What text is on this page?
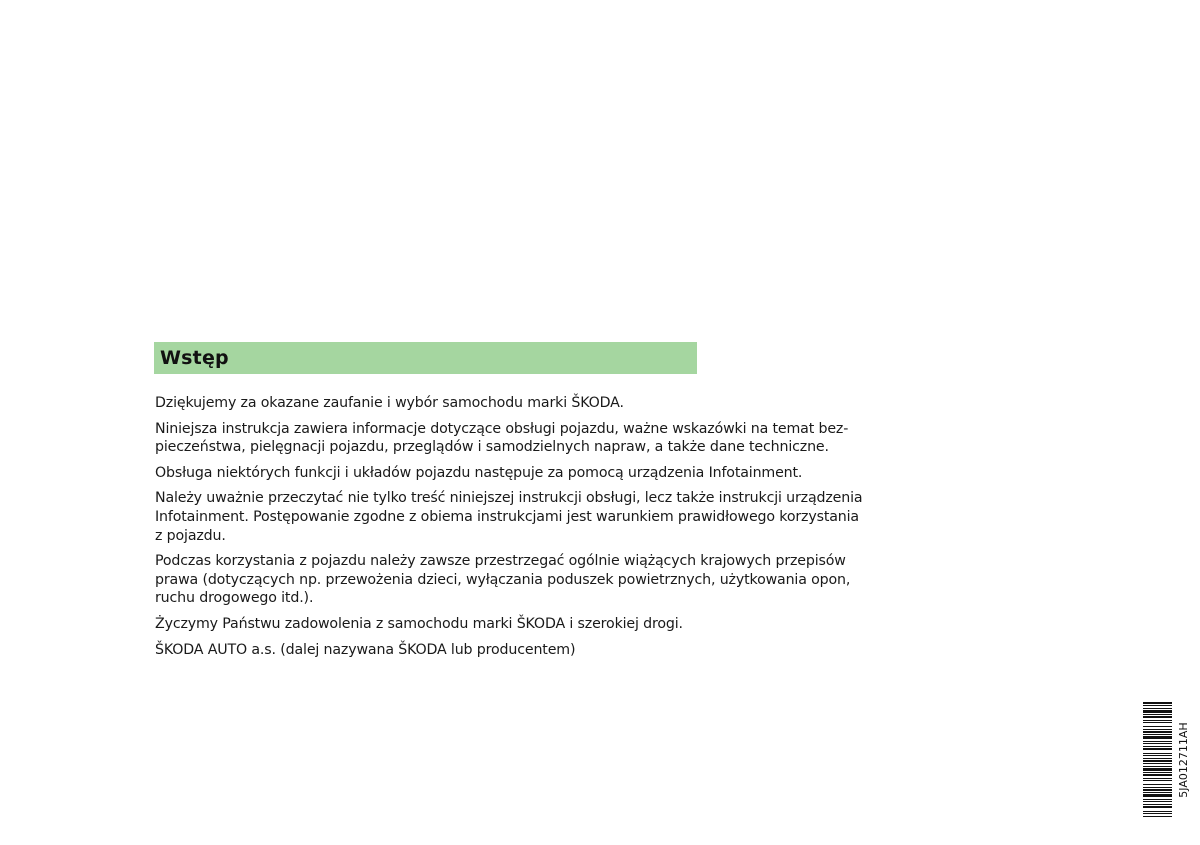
Wstęp

Dziękujemy za okazane zaufanie i wybór samochodu marki ŠKODA.

Niniejsza instrukcja zawiera informacje dotyczące obsługi pojazdu, ważne wskazówki na temat bez-
pieczeństwa, pielęgnacji pojazdu, przeglądów i samodzielnych napraw, a także dane techniczne.

Obsługa niektórych funkcji i układów pojazdu następuje za pomocą urządzenia Infotainment.

Należy uważnie przeczytać nie tylko treść niniejszej instrukcji obsługi, lecz także instrukcji urządzenia
Infotainment. Postępowanie zgodne z obiema instrukcjami jest warunkiem prawidłowego korzystania
z pojazdu.

Podczas korzystania z pojazdu należy zawsze przestrzegać ogólnie wiążących krajowych przepisów
prawa (dotyczących np. przewożenia dzieci, wyłączania poduszek powietrznych, użytkowania opon,
ruchu drogowego itd.).

Życzymy Państwu zadowolenia z samochodu marki ŠKODA i szerokiej drogi.

ŠKODA AUTO a.s. (dalej nazywana ŠKODA lub producentem)

5JA012711AH
